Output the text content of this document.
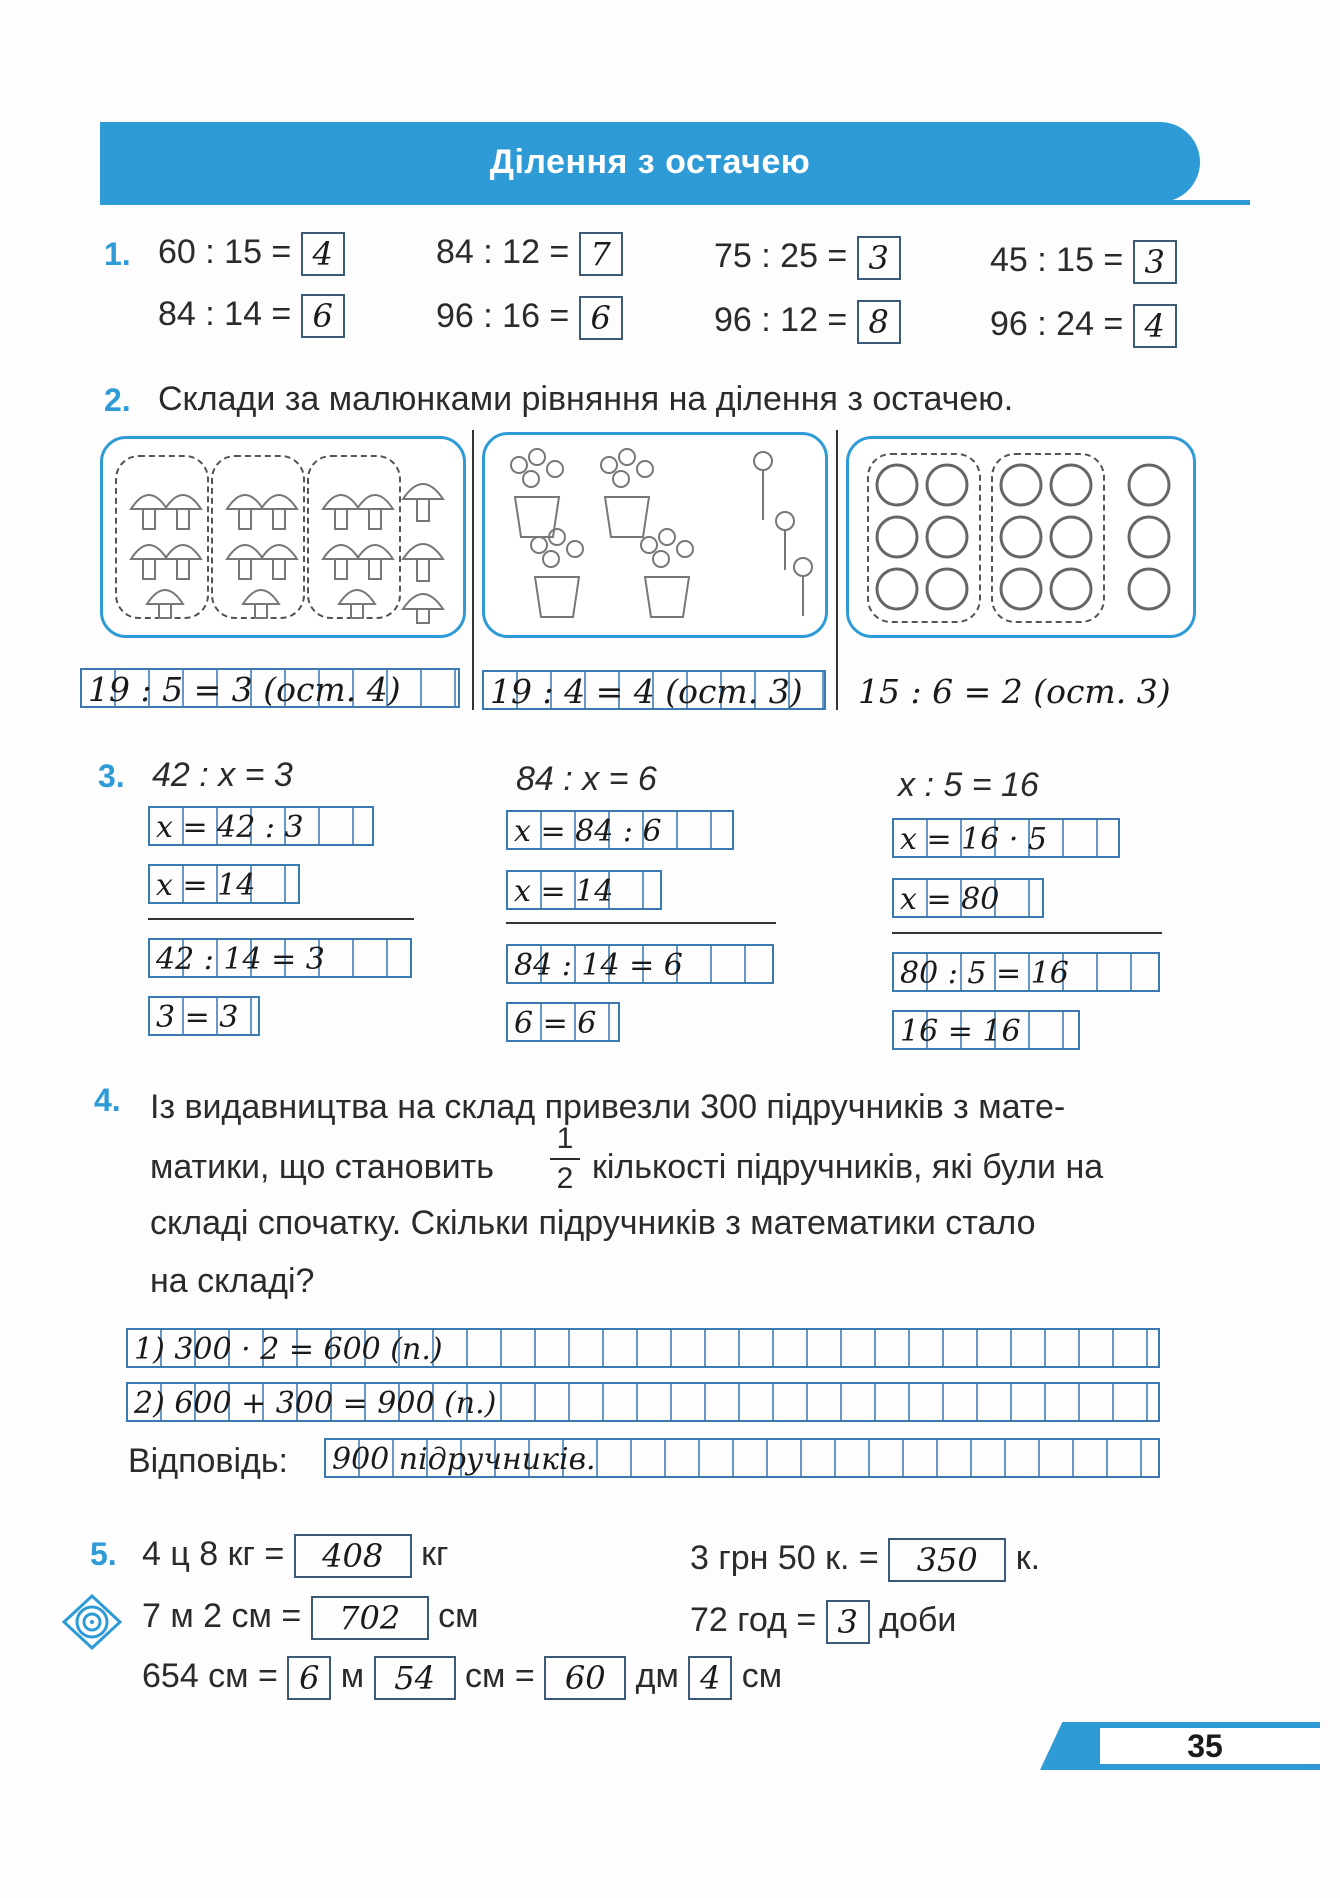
Ділення з остачею
1. 60 : 15 = 4	84 : 12 = 7	75 : 25 = 3	45 : 15 = 3
84 : 14 = 6	96 : 16 = 6	96 : 12 = 8	96 : 24 = 4
2. Склади за малюнками рівняння на ділення з остачею.
19 : 5 = 3 (ост. 4)	19 : 4 = 4 (ост. 3)	15 : 6 = 2 (ост. 3)
3. 42 : x = 3
x = 42 : 3
x = 14
42 : 14 = 3
3 = 3
84 : x = 6
x = 84 : 6
x = 14
84 : 14 = 6
6 = 6
x : 5 = 16
x = 16 · 5
x = 80
80 : 5 = 16
16 = 16
4. Із видавництва на склад привезли 300 підручників з мате-
матики, що становить
1
2 кількості підручників, які були на
складі спочатку. Скільки підручників з математики стало
на складі?
1) 300 · 2 = 600 (п.)
2) 600 + 300 = 900 (п.)
Відповідь: 900 підручників.
5. 4 ц 8 кг = 408 кг	3 грн 50 к. = 350 к.
7 м 2 см = 702 см	72 год = 3 доби
654 см = 6 м 54 см = 60 дм 4 см
35
